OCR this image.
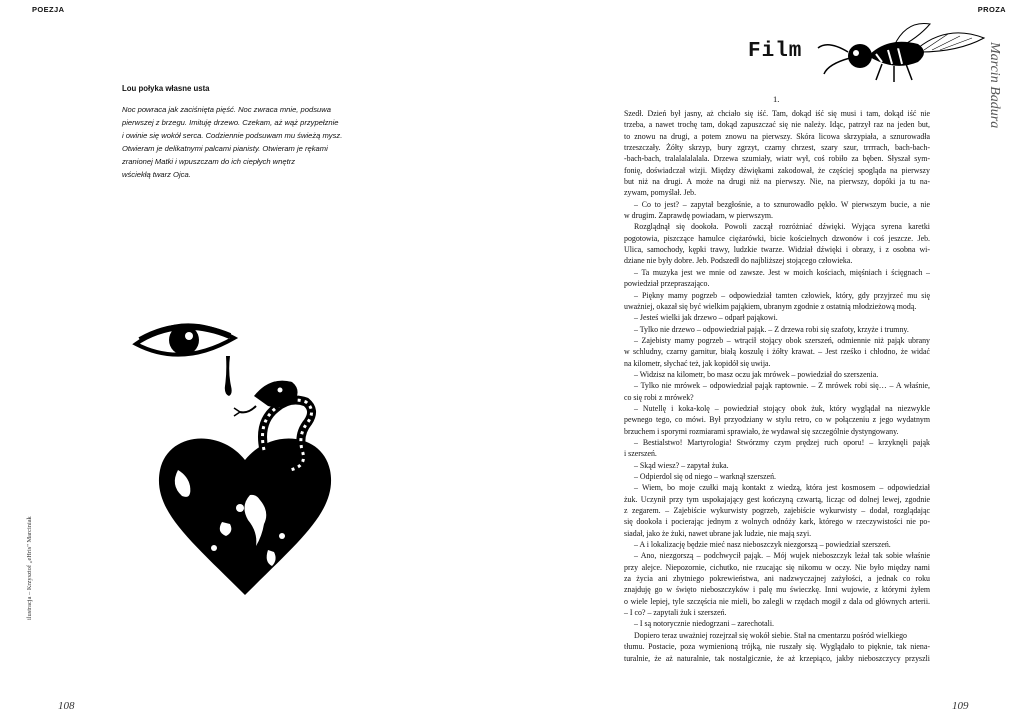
POEZJA
Lou połyka własne usta
Noc powraca jak zaciśnięta pięść. Noc zwraca mnie, podsuwa
pierwszej z brzegu. Imituję drzewo. Czekam, aż wąż przypełznie
i owinie się wokół serca. Codziennie podsuwam mu świeżą mysz.
Otwieram je delikatnymi palcami pianisty. Otwieram je rękami
zranionej Matki i wpuszczam do ich ciepłych wnętrz
wściekłą twarz Ojca.
ilustracja – Krzysztof „eHris" Marciniak
108
PROZA
Film	Marcin Badura
1.
Szedł. Dzień był jasny, aż chciało się iść. Tam, dokąd iść się musi i tam, dokąd iść nie
trzeba, a nawet trochę tam, dokąd zapuszczać się nie należy. Idąc, patrzył raz na jeden but,
to znowu na drugi, a potem znowu na pierwszy. Skóra licowa skrzypiała, a sznurowadła
trzeszczały. Żółty skrzyp, bury zgrzyt, czarny chrzest, szary szur, trrrrach, bach-bach-
-bach-bach, tralalalalalala. Drzewa szumiały, wiatr wył, coś robiło za bęben. Słyszał sym-
fonię, doświadczał wizji. Między dźwiękami zakodował, że częściej spogląda na pierwszy
but niż na drugi. A może na drugi niż na pierwszy. Nie, na pierwszy, dopóki ja tu na-
zywam, pomyślał. Jeb.
– Co to jest? – zapytał bezgłośnie, a to sznurowadło pękło. W pierwszym bucie, a nie
w drugim. Zaprawdę powiadam, w pierwszym.
Rozglądnął się dookoła. Powoli zaczął rozróżniać dźwięki. Wyjąca syrena karetki
pogotowia, piszczące hamulce ciężarówki, bicie kościelnych dzwonów i coś jeszcze. Jeb.
Ulica, samochody, kępki trawy, ludzkie twarze. Widział dźwięki i obrazy, i z osobna wi-
dziane nie były dobre. Jeb. Podszedł do najbliższej stojącego człowieka.
– Ta muzyka jest we mnie od zawsze. Jest w moich kościach, mięśniach i ścięgnach –
powiedział przepraszająco.
– Piękny mamy pogrzeb – odpowiedział tamten człowiek, który, gdy przyjrzeć mu się
uważniej, okazał się być wielkim pająkiem, ubranym zgodnie z ostatnią młodzieżową modą.
– Jesteś wielki jak drzewo – odparł pająkowi.
– Tylko nie drzewo – odpowiedział pająk. – Z drzewa robi się szafoty, krzyże i trumny.
– Zajebisty mamy pogrzeb – wtrącił stojący obok szerszeń, odmiennie niż pająk ubrany
w schludny, czarny garnitur, białą koszulę i żółty krawat. – Jest rześko i chłodno, że widać
na kilometr, słychać też, jak kopidół się uwija.
– Widzisz na kilometr, bo masz oczu jak mrówek – powiedział do szerszenia.
– Tylko nie mrówek – odpowiedział pająk raptownie. – Z mrówek robi się… – A właśnie,
co się robi z mrówek?
– Nutellę i koka-kolę – powiedział stojący obok żuk, który wyglądał na niezwykle
pewnego tego, co mówi. Był przyodziany w stylu retro, co w połączeniu z jego wydatnym
brzuchem i sporymi rozmiarami sprawiało, że wydawał się szczególnie dystyngowany.
– Bestialstwo! Martyrologia! Stwórzmy czym prędzej ruch oporu! – krzyknęli pająk
i szerszeń.
– Skąd wiesz? – zapytał żuka.
– Odpierdol się od niego – warknął szerszeń.
– Wiem, bo moje czułki mają kontakt z wiedzą, która jest kosmosem – odpowiedział
żuk. Uczynił przy tym uspokajający gest kończyną czwartą, licząc od dolnej lewej, zgodnie
z zegarem. – Zajebiście wykurwisty pogrzeb, zajebiście wykurwisty – dodał, rozglądając
się dookoła i pocierając jednym z wolnych odnóży kark, którego w rzeczywistości nie po-
siadał, jako że żuki, nawet ubrane jak ludzie, nie mają szyi.
– A i lokalizację będzie mieć nasz nieboszczyk niezgorszą – powiedział szerszeń.
– Ano, niezgorszą – podchwycił pająk. – Mój wujek nieboszczyk leżał tak sobie właśnie
przy alejce. Niepozornie, cichutko, nie rzucając się nikomu w oczy. Nie było między nami
za życia ani zbytniego pokrewieństwa, ani nadzwyczajnej zażyłości, a jednak co roku
znajduję go w święto nieboszczyków i palę mu świeczkę. Inni wujowie, z którymi żyłem
o wiele lepiej, tyle szczęścia nie mieli, bo zalegli w rzędach mogił z dala od głównych arterii.
– I co? – zapytali żuk i szerszeń.
– I są notorycznie niedogrzani – zarechotali.
Dopiero teraz uważniej rozejrzał się wokół siebie. Stał na cmentarzu pośród wielkiego
tłumu. Postacie, poza wymienioną trójką, nie ruszały się. Wyglądało to pięknie, tak niena-
turalnie, że aż naturalnie, tak nostalgicznie, że aż krzepiąco, jakby nieboszczycy przyszli
109
